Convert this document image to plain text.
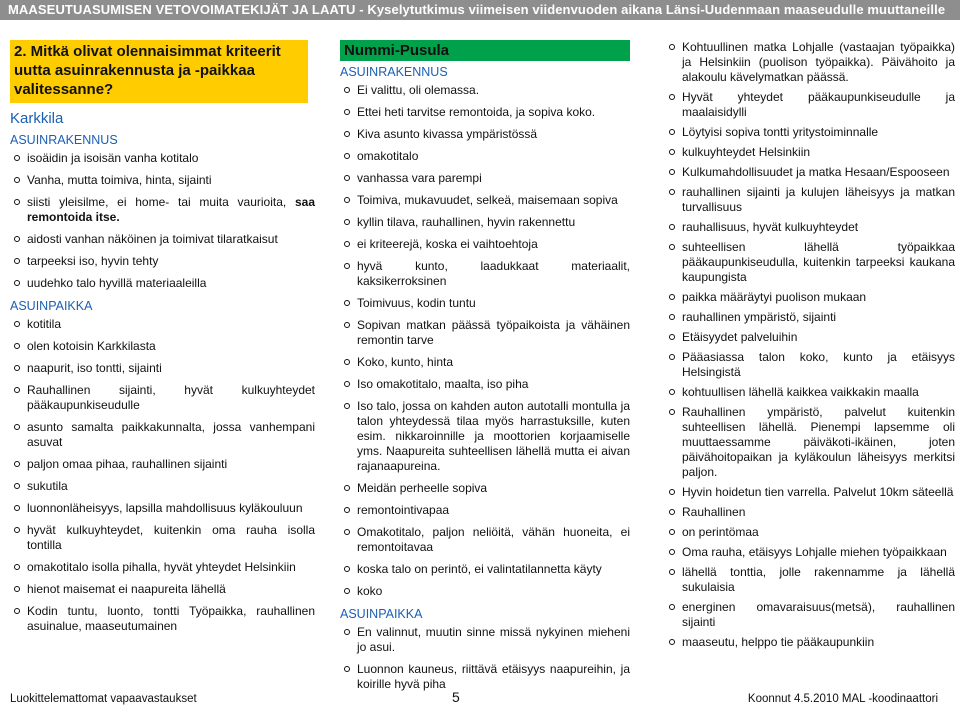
MAASEUTUASUMISEN VETOVOIMATEKIJÄT JA LAATU - Kyselytutkimus viimeisen viidenvuoden aikana Länsi-Uudenmaan maaseudulle muuttaneille
2. Mitkä olivat olennaisimmat kriteerit uutta asuinrakennusta ja -paikkaa valitessanne?
Karkkila
ASUINRAKENNUS
isoäidin ja isoisän vanha kotitalo
Vanha, mutta toimiva, hinta, sijainti
siisti yleisilme, ei home- tai muita vaurioita, saa remontoida itse.
aidosti vanhan näköinen ja toimivat tilaratkaisut
tarpeeksi iso, hyvin tehty
uudehko talo hyvillä materiaaleilla
ASUINPAIKKA
kotitila
olen kotoisin Karkkilasta
naapurit, iso tontti, sijainti
Rauhallinen sijainti, hyvät kulkuyhteydet pääkaupunkiseudulle
asunto samalta paikkakunnalta, jossa vanhempani asuvat
paljon omaa pihaa, rauhallinen sijainti
sukutila
luonnonläheisyys, lapsilla mahdollisuus kyläkouluun
hyvät kulkuyhteydet, kuitenkin oma rauha isolla tontilla
omakotitalo isolla pihalla, hyvät yhteydet Helsinkiin
hienot maisemat ei naapureita lähellä
Kodin tuntu, luonto, tontti Työpaikka, rauhallinen asuinalue, maaseutumainen
Nummi-Pusula
ASUINRAKENNUS
Ei valittu, oli olemassa.
Ettei heti tarvitse remontoida, ja sopiva koko.
Kiva asunto kivassa ympäristössä
omakotitalo
vanhassa vara parempi
Toimiva, mukavuudet, selkeä, maisemaan sopiva
kyllin tilava, rauhallinen, hyvin rakennettu
ei kriteerejä, koska ei vaihtoehtoja
hyvä kunto, laadukkaat materiaalit, kaksikerroksinen
Toimivuus, kodin tuntu
Sopivan matkan päässä työpaikoista ja vähäinen remontin tarve
Koko, kunto, hinta
Iso omakotitalo, maalta, iso piha
Iso talo, jossa on kahden auton autotalli montulla ja talon yhteydessä tilaa myös harrastuksille, kuten esim. nikkaroinnille ja moottorien korjaamiselle yms. Naapureita suhteellisen lähellä mutta ei aivan rajanaapureina.
Meidän perheelle sopiva
remontointivapaa
Omakotitalo, paljon neliöitä, vähän huoneita, ei remontoitavaa
koska talo on perintö, ei valintatilannetta käyty
koko
ASUINPAIKKA
En valinnut, muutin sinne missä nykyinen mieheni jo asui.
Luonnon kauneus, riittävä etäisyys naapureihin, ja koirille hyvä piha
Kohtuullinen matka Lohjalle (vastaajan työpaikka) ja Helsinkiin (puolison työpaikka). Päivähoito ja alakoulu kävelymatkan päässä.
Hyvät yhteydet pääkaupunkiseudulle ja maalaisidylli
Löytyisi sopiva tontti yritystoiminnalle
kulkuyhteydet Helsinkiin
Kulkumahdollisuudet ja matka Hesaan/Espooseen
rauhallinen sijainti ja kulujen läheisyys ja matkan turvallisuus
rauhallisuus, hyvät kulkuyhteydet
suhteellisen lähellä työpaikkaa pääkaupunkiseudulla, kuitenkin tarpeeksi kaukana kaupungista
paikka määräytyi puolison mukaan
rauhallinen ympäristö, sijainti
Etäisyydet palveluihin
Pääasiassa talon koko, kunto ja etäisyys Helsingistä
kohtuullisen lähellä kaikkea vaikkakin maalla
Rauhallinen ympäristö, palvelut kuitenkin suhteellisen lähellä. Pienempi lapsemme oli muuttaessamme päiväkoti-ikäinen, joten päivähoitopaikan ja kyläkoulun läheisyys merkitsi paljon.
Hyvin hoidetun tien varrella. Palvelut 10km säteellä
Rauhallinen
on perintömaa
Oma rauha, etäisyys Lohjalle miehen työpaikkaan
lähellä tonttia, jolle rakennamme ja lähellä sukulaisia
energinen omavaraisuus(metsä), rauhallinen sijainti
maaseutu, helppo tie pääkaupunkiin
Luokittelemattomat vapaavastaukset	5	Koonnut 4.5.2010 MAL -koodinaattori
